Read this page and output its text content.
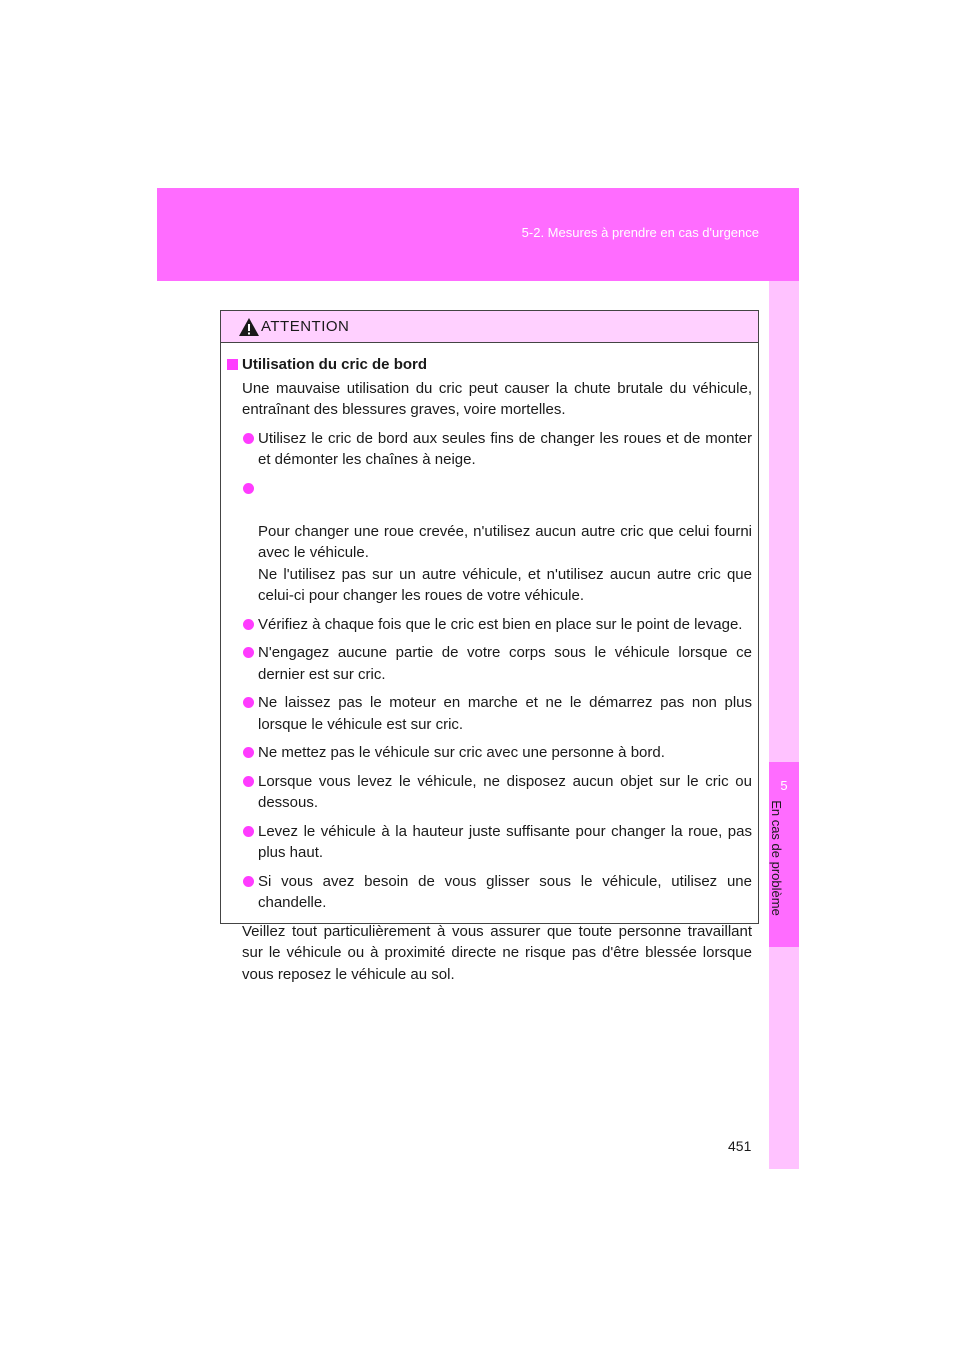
5-2. Mesures à prendre en cas d'urgence
5
En cas de problème
ATTENTION
Utilisation du cric de bord
Une mauvaise utilisation du cric peut causer la chute brutale du véhicule, entraînant des blessures graves, voire mortelles.
Utilisez le cric de bord aux seules fins de changer les roues et de monter et démonter les chaînes à neige.

Pour changer une roue crevée, n'utilisez aucun autre cric que celui fourni avec le véhicule.
Ne l'utilisez pas sur un autre véhicule, et n'utilisez aucun autre cric que celui-ci pour changer les roues de votre véhicule.

Vérifiez à chaque fois que le cric est bien en place sur le point de levage.
N'engagez aucune partie de votre corps sous le véhicule lorsque ce dernier est sur cric.
Ne laissez pas le moteur en marche et ne le démarrez pas non plus lorsque le véhicule est sur cric.
Ne mettez pas le véhicule sur cric avec une personne à bord.
Lorsque vous levez le véhicule, ne disposez aucun objet sur le cric ou dessous.
Levez le véhicule à la hauteur juste suffisante pour changer la roue, pas plus haut.
Si vous avez besoin de vous glisser sous le véhicule, utilisez une chandelle.
Veillez tout particulièrement à vous assurer que toute personne travaillant sur le véhicule ou à proximité directe ne risque pas d'être blessée lorsque vous reposez le véhicule au sol.
451
